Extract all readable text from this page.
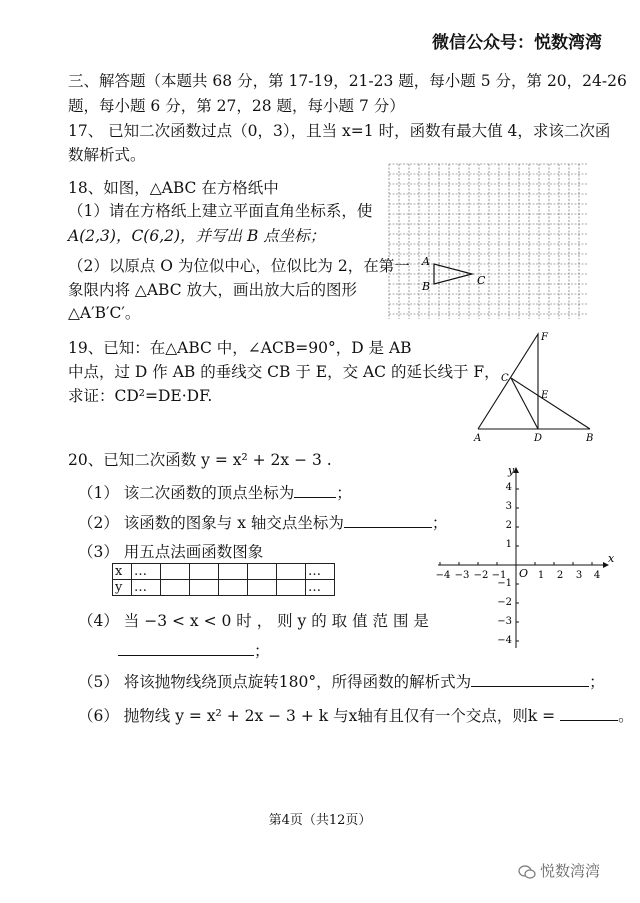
微信公众号：悦数湾湾
三、解答题（本题共 68 分，第 17-19，21-23 题，每小题 5 分，第 20，24-26
题，每小题 6 分，第 27，28 题，每小题 7 分）
17、 已知二次函数过点（0，3），且当 x=1 时，函数有最大值 4，求该二次函
数解析式。
18、如图，△ABC 在方格纸中
（1）请在方格纸上建立平面直角坐标系，使
A(2,3)，C(6,2)，并写出 B 点坐标；
（2）以原点 O 为位似中心，位似比为 2，在第一
象限内将 △ABC 放大，画出放大后的图形
△A′B′C′。
A
B	C
19、已知：在△ABC 中，∠ACB=90°，D 是 AB
中点，过 D 作 AB 的垂线交 CB 于 E，交 AC 的延长线于 F，
求证：CD²=DE·DF.
F
C
E
A	D	B
20、已知二次函数 y = x² + 2x − 3 .
（1） 该二次函数的顶点坐标为	；
（2） 该函数的图象与 x 轴交点坐标为	；
（3） 用五点法画函数图象
x	…						…
y	…						…
（4） 当 −3 < x < 0 时 ， 则 y 的 取 值 范 围 是
；
（5） 将该抛物线绕顶点旋转180°，所得函数的解析式为	；
（6） 抛物线 y = x² + 2x − 3 + k 与x轴有且仅有一个交点，则k =	。
x
y
O
−4 −3 −2 −1	1 2 3 4
4
3
2
1
−1
−2
−3
−4
第4页（共12页）
悦数湾湾
